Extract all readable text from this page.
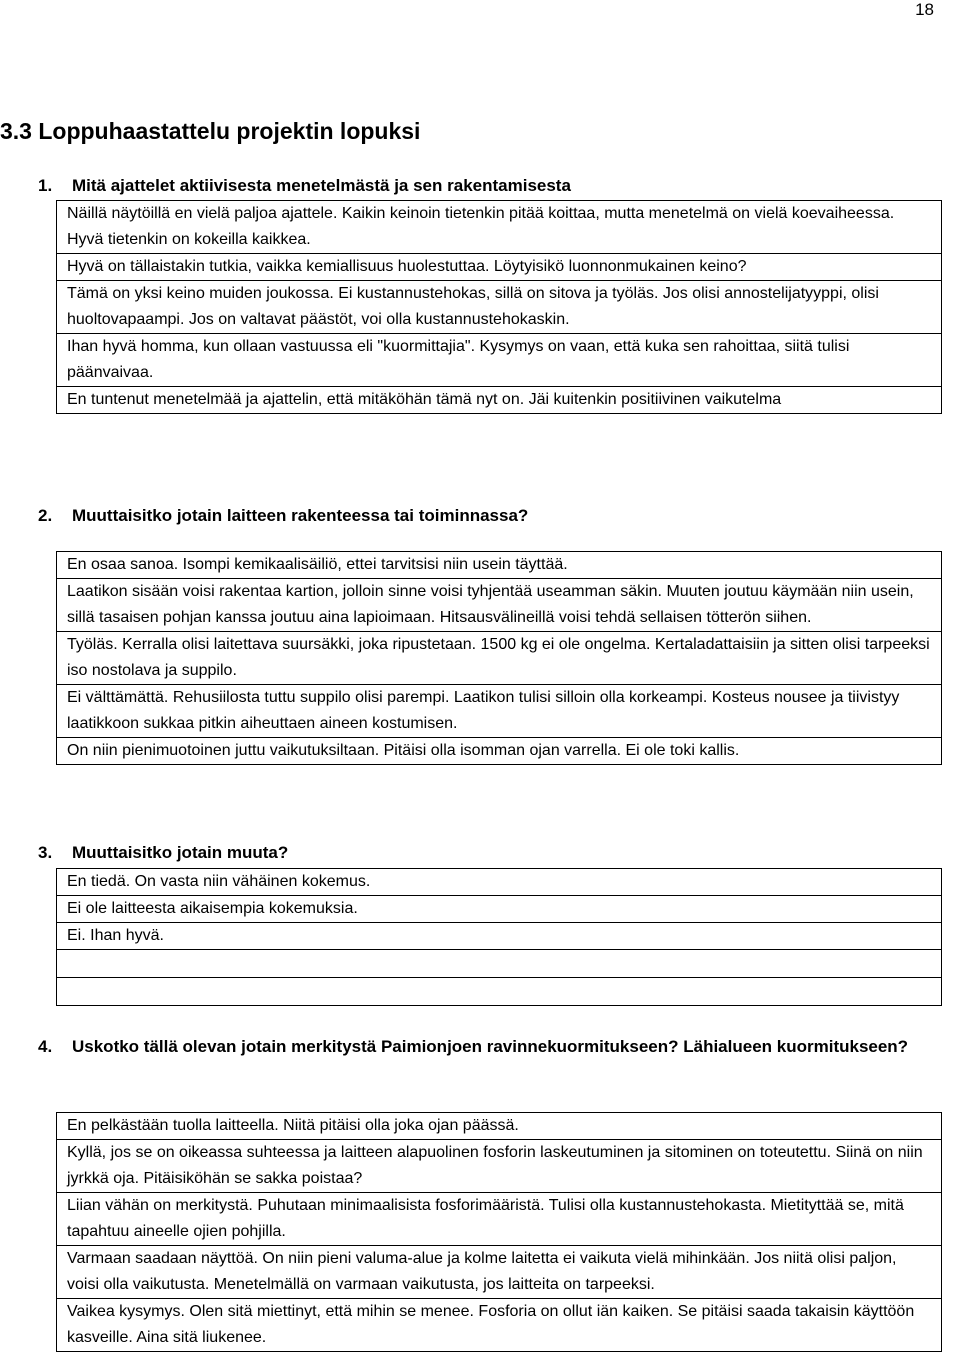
18
3.3 Loppuhaastattelu projektin lopuksi
1. Mitä ajattelet aktiivisesta menetelmästä ja sen rakentamisesta
Näillä näytöillä en vielä paljoa ajattele. Kaikin keinoin tietenkin pitää koittaa, mutta menetelmä on vielä koevaiheessa. Hyvä tietenkin on kokeilla kaikkea.
Hyvä on tällaistakin tutkia, vaikka kemiallisuus huolestuttaa. Löytyisikö luonnonmukainen keino?
Tämä on yksi keino muiden joukossa. Ei kustannustehokas, sillä on sitova ja työläs. Jos olisi annostelijatyyppi, olisi huoltovapaampi. Jos on valtavat päästöt, voi olla kustannustehokaskin.
Ihan hyvä homma, kun ollaan vastuussa eli "kuormittajia". Kysymys on vaan, että kuka sen rahoittaa, siitä tulisi päänvaivaa.
En tuntenut menetelmää ja ajattelin, että mitäköhän tämä nyt on. Jäi kuitenkin positiivinen vaikutelma
2. Muuttaisitko jotain laitteen rakenteessa tai toiminnassa?
En osaa sanoa. Isompi kemikaalisäiliö, ettei tarvitsisi niin usein täyttää.
Laatikon sisään voisi rakentaa kartion, jolloin sinne voisi tyhjentää useamman säkin. Muuten joutuu käymään niin usein, sillä tasaisen pohjan kanssa joutuu aina lapioimaan. Hitsausvälineillä voisi tehdä sellaisen tötterön siihen.
Työläs. Kerralla olisi laitettava suursäkki, joka ripustetaan. 1500 kg ei ole ongelma. Kertaladattaisiin ja sitten olisi tarpeeksi iso nostolava ja suppilo.
Ei välttämättä. Rehusiilosta tuttu suppilo olisi parempi. Laatikon tulisi silloin olla korkeampi. Kosteus nousee ja tiivistyy laatikkoon sukkaa pitkin aiheuttaen aineen kostumisen.
On niin pienimuotoinen juttu vaikutuksiltaan. Pitäisi olla isomman ojan varrella. Ei ole toki kallis.
3. Muuttaisitko jotain muuta?
En tiedä. On vasta niin vähäinen kokemus.
Ei ole laitteesta aikaisempia kokemuksia.
Ei. Ihan hyvä.
4. Uskotko tällä olevan jotain merkitystä Paimionjoen ravinnekuormitukseen? Lähialueen kuormitukseen?
En pelkästään tuolla laitteella. Niitä pitäisi olla joka ojan päässä.
Kyllä, jos se on oikeassa suhteessa ja laitteen alapuolinen fosforin laskeutuminen ja sitominen on toteutettu. Siinä on niin jyrkkä oja. Pitäisiköhän se sakka poistaa?
Liian vähän on merkitystä. Puhutaan minimaalisista fosforimääristä. Tulisi olla kustannustehokasta. Mietityttää se, mitä tapahtuu aineelle ojien pohjilla.
Varmaan saadaan näyttöä. On niin pieni valuma-alue ja kolme laitetta ei vaikuta vielä mihinkään. Jos niitä olisi paljon, voisi olla vaikutusta. Menetelmällä on varmaan vaikutusta, jos laitteita on tarpeeksi.
Vaikea kysymys. Olen sitä miettinyt, että mihin se menee. Fosforia on ollut iän kaiken. Se pitäisi saada takaisin käyttöön kasveille. Aina sitä liukenee.
